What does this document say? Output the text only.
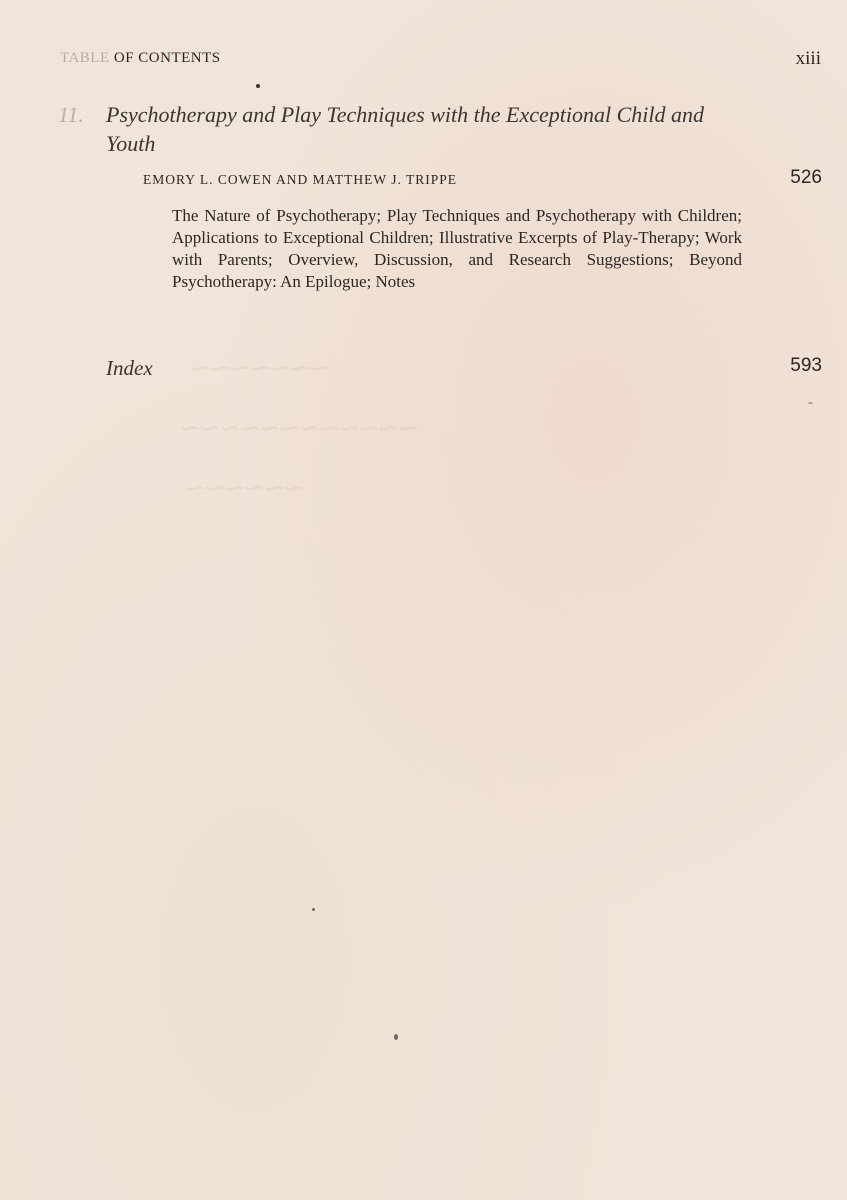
TABLE OF CONTENTS	xiii
11. Psychotherapy and Play Techniques with the Exceptional Child and Youth
EMORY L. COWEN AND MATTHEW J. TRIPPE	526
The Nature of Psychotherapy; Play Techniques and Psychotherapy with Children; Applications to Exceptional Children; Illustrative Excerpts of Play-Therapy; Work with Parents; Overview, Discussion, and Research Suggestions; Beyond Psychotherapy: An Epilogue; Notes
Index	593
~~~~~~~
~~~~~~~~~~~~
~~~~~~
